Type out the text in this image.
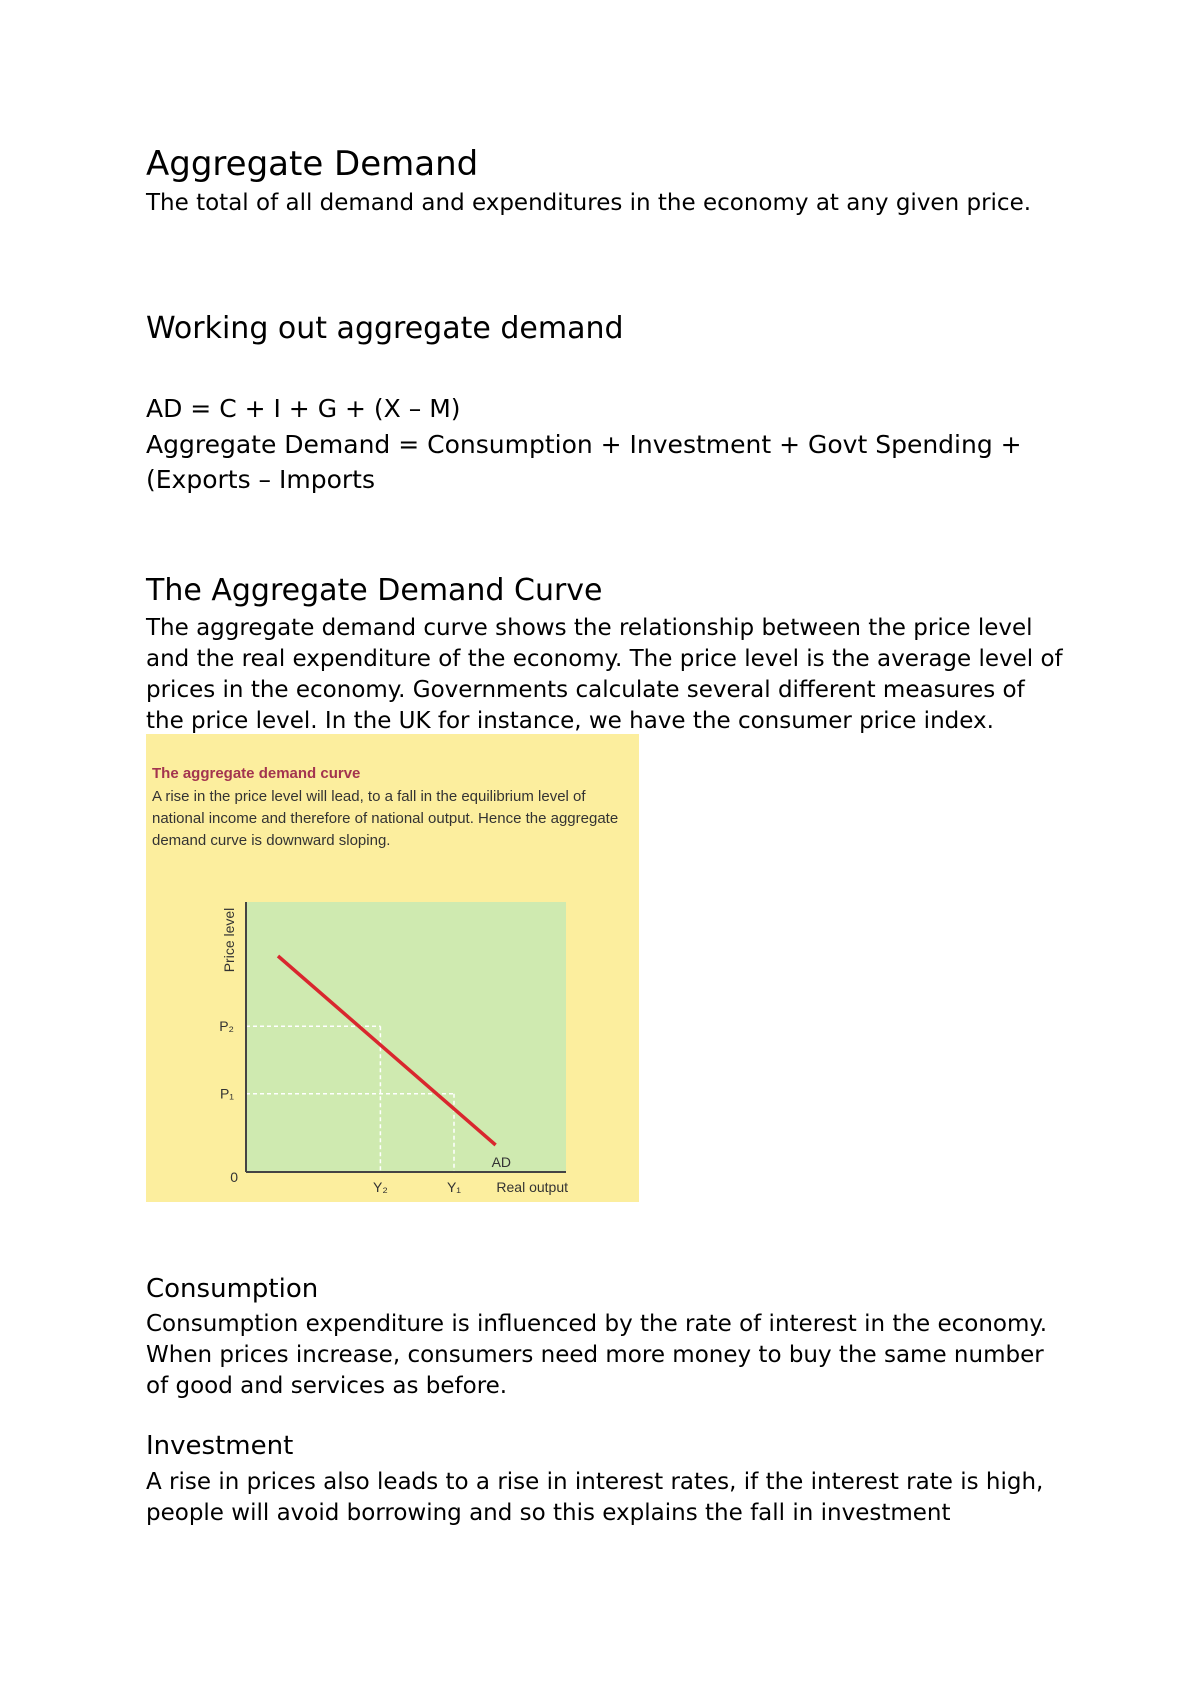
Aggregate Demand

The total of all demand and expenditures in the economy at any given price.

Working out aggregate demand

AD = C + I + G + (X – M)

Aggregate Demand = Consumption + Investment + Govt Spending + (Exports – Imports

The Aggregate Demand Curve

The aggregate demand curve shows the relationship between the price level and the real expenditure of the economy. The price level is the average level of prices in the economy. Governments calculate several different measures of the price level. In the UK for instance, we have the consumer price index.

The aggregate demand curve

A rise in the price level will lead, to a fall in the equilibrium level of national income and therefore of national output. Hence the aggregate demand curve is downward sloping.

P₂
Y₂
P₁
Y₁
AD
0
Real output
Price level
Consumption

Consumption expenditure is influenced by the rate of interest in the economy. When prices increase, consumers need more money to buy the same number of good and services as before.

Investment

A rise in prices also leads to a rise in interest rates, if the interest rate is high, people will avoid borrowing and so this explains the fall in investment
